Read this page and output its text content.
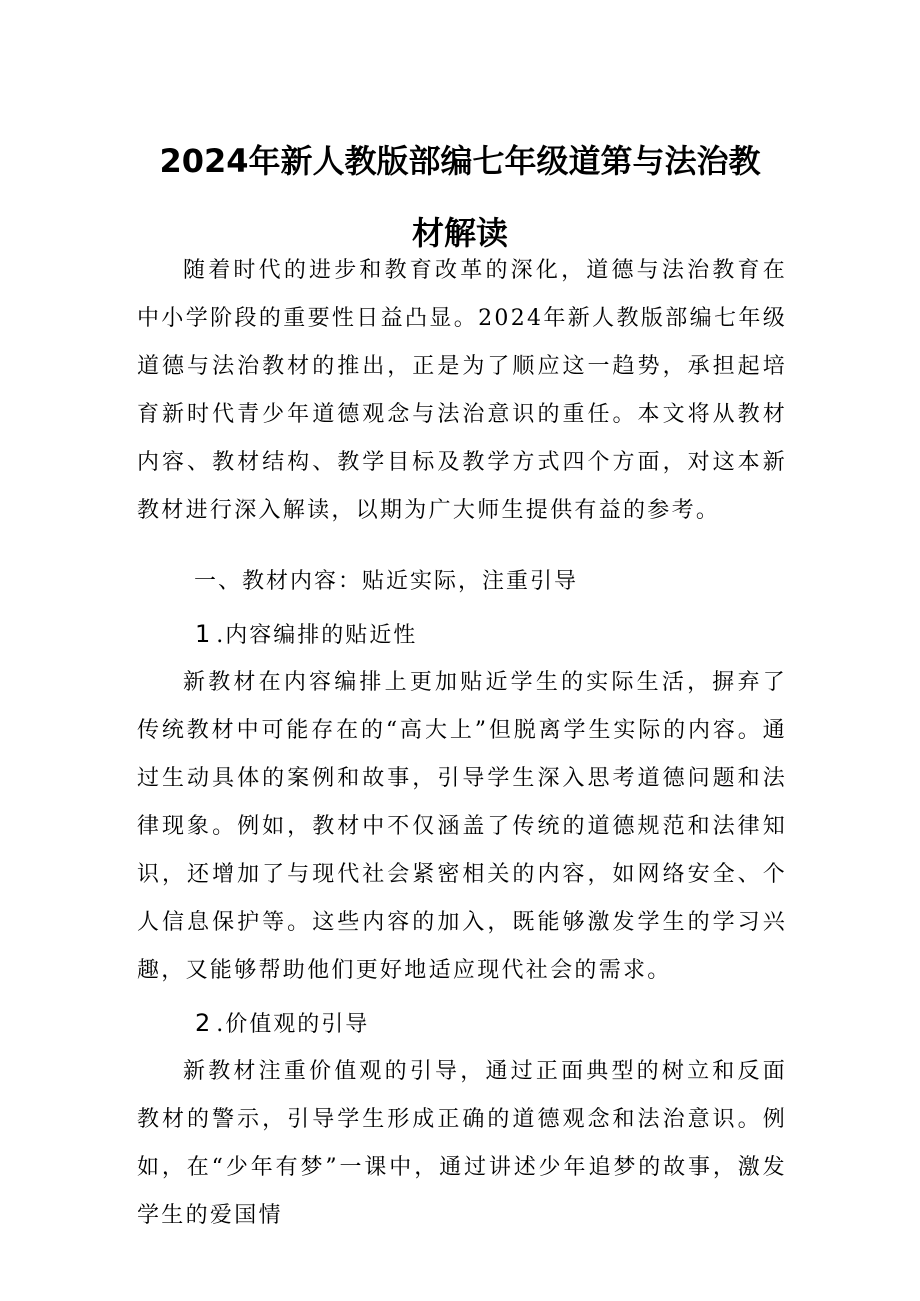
2024年新人教版部编七年级道第与法治教
材解读
随着时代的进步和教育改革的深化，道德与法治教育在中小学阶段的重要性日益凸显。2024年新人教版部编七年级道德与法治教材的推出，正是为了顺应这一趋势，承担起培育新时代青少年道德观念与法治意识的重任。本文将从教材内容、教材结构、教学目标及教学方式四个方面，对这本新教材进行深入解读，以期为广大师生提供有益的参考。
一、教材内容：贴近实际，注重引导
1 .内容编排的贴近性
新教材在内容编排上更加贴近学生的实际生活，摒弃了传统教材中可能存在的“高大上”但脱离学生实际的内容。通过生动具体的案例和故事，引导学生深入思考道德问题和法律现象。例如，教材中不仅涵盖了传统的道德规范和法律知识，还增加了与现代社会紧密相关的内容，如网络安全、个人信息保护等。这些内容的加入，既能够激发学生的学习兴趣，又能够帮助他们更好地适应现代社会的需求。
2 .价值观的引导
新教材注重价值观的引导，通过正面典型的树立和反面教材的警示，引导学生形成正确的道德观念和法治意识。例如，在“少年有梦”一课中，通过讲述少年追梦的故事，激发学生的爱国情
